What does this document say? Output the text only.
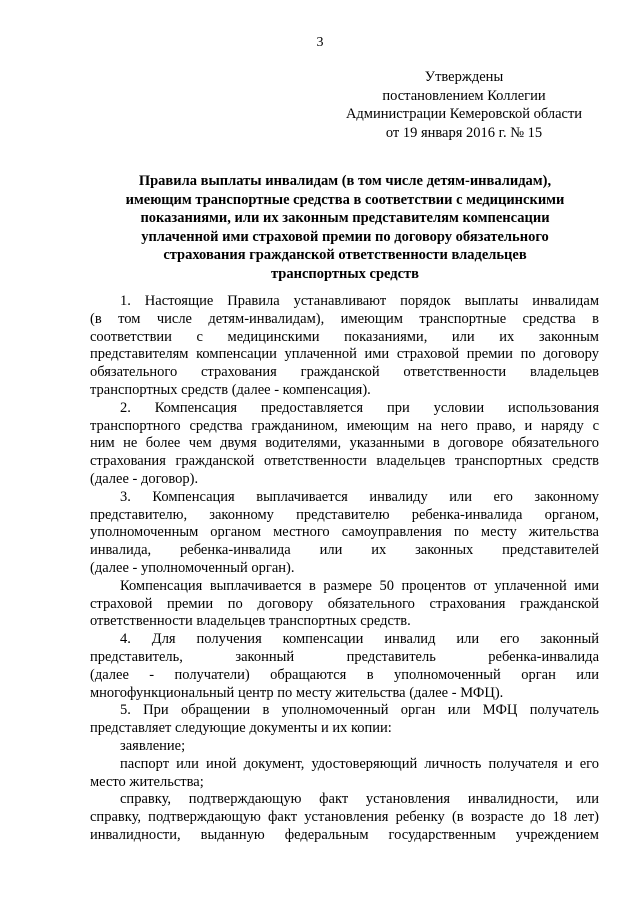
3
Утверждены
постановлением Коллегии
Администрации Кемеровской области
от 19 января 2016 г. № 15
Правила выплаты инвалидам (в том числе детям-инвалидам),
имеющим транспортные средства в соответствии с медицинскими
показаниями, или их законным представителям компенсации
уплаченной ими страховой премии по договору обязательного
страхования гражданской ответственности владельцев
транспортных средств
1. Настоящие Правила устанавливают порядок выплаты инвалидам
(в том числе детям-инвалидам), имеющим транспортные средства в
соответствии с медицинскими показаниями, или их законным
представителям компенсации уплаченной ими страховой премии по договору
обязательного страхования гражданской ответственности владельцев
транспортных средств (далее - компенсация).
2. Компенсация предоставляется при условии использования
транспортного средства гражданином, имеющим на него право, и наряду с
ним не более чем двумя водителями, указанными в договоре обязательного
страхования гражданской ответственности владельцев транспортных средств
(далее - договор).
3. Компенсация выплачивается инвалиду или его законному
представителю, законному представителю ребенка-инвалида органом,
уполномоченным органом местного самоуправления по месту жительства
инвалида, ребенка-инвалида или их законных представителей
(далее - уполномоченный орган).
Компенсация выплачивается в размере 50 процентов от уплаченной ими
страховой премии по договору обязательного страхования гражданской
ответственности владельцев транспортных средств.
4. Для получения компенсации инвалид или его законный
представитель, законный представитель ребенка-инвалида
(далее - получатели) обращаются в уполномоченный орган или
многофункциональный центр по месту жительства (далее - МФЦ).
5. При обращении в уполномоченный орган или МФЦ получатель
представляет следующие документы и их копии:
заявление;
паспорт или иной документ, удостоверяющий личность получателя и его
место жительства;
справку, подтверждающую факт установления инвалидности, или
справку, подтверждающую факт установления ребенку (в возрасте до 18 лет)
инвалидности, выданную федеральным государственным учреждением
